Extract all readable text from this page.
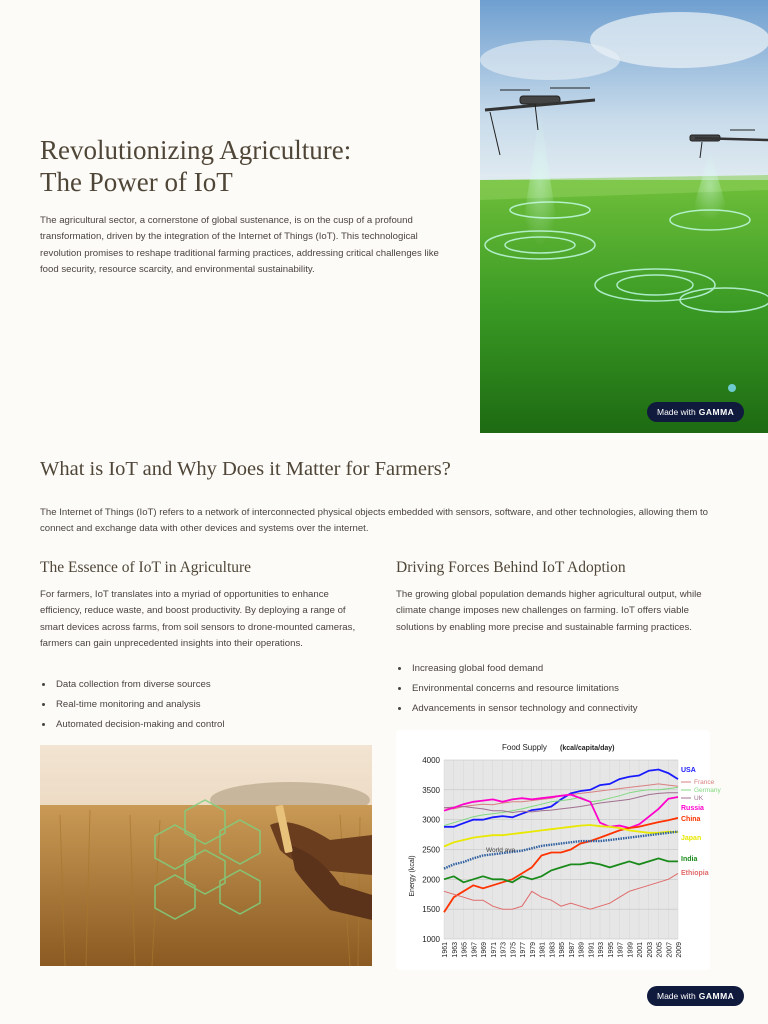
Revolutionizing Agriculture:
The Power of IoT

The agricultural sector, a cornerstone of global sustenance, is on the cusp of a profound transformation, driven by the integration of the Internet of Things (IoT). This technological revolution promises to reshape traditional farming practices, addressing critical challenges like food security, resource scarcity, and environmental sustainability.

Made with GAMMA
What is IoT and Why Does it Matter for Farmers?

The Internet of Things (IoT) refers to a network of interconnected physical objects embedded with sensors, software, and other technologies, allowing them to connect and exchange data with other devices and systems over the internet.

The Essence of IoT in Agriculture

For farmers, IoT translates into a myriad of opportunities to enhance efficiency, reduce waste, and boost productivity. By deploying a range of smart devices across farms, from soil sensors to drone-mounted cameras, farmers can gain unprecedented insights into their operations.

Data collection from diverse sources
Real-time monitoring and analysis
Automated decision-making and control
Driving Forces Behind IoT Adoption

The growing global population demands higher agricultural output, while climate change imposes new challenges on farming. IoT offers viable solutions by enabling more precise and sustainable farming practices.

Increasing global food demand
Environmental concerns and resource limitations
Advancements in sensor technology and connectivity
Food Supply (kcal/capita/day)
Energy (kcal)
1000
1500
2000
2500
3000
3500
4000
1961 1963 1965 1967 1969 1971 1973 1975 1977 1979 1981 1983 1985 1987 1989 1991 1993 1995 1997 1999 2001 2003 2005 2007 2009
USA
France
Germany
UK
Russia
China
Japan
World ave
India
Ethiopia
Made with GAMMA
